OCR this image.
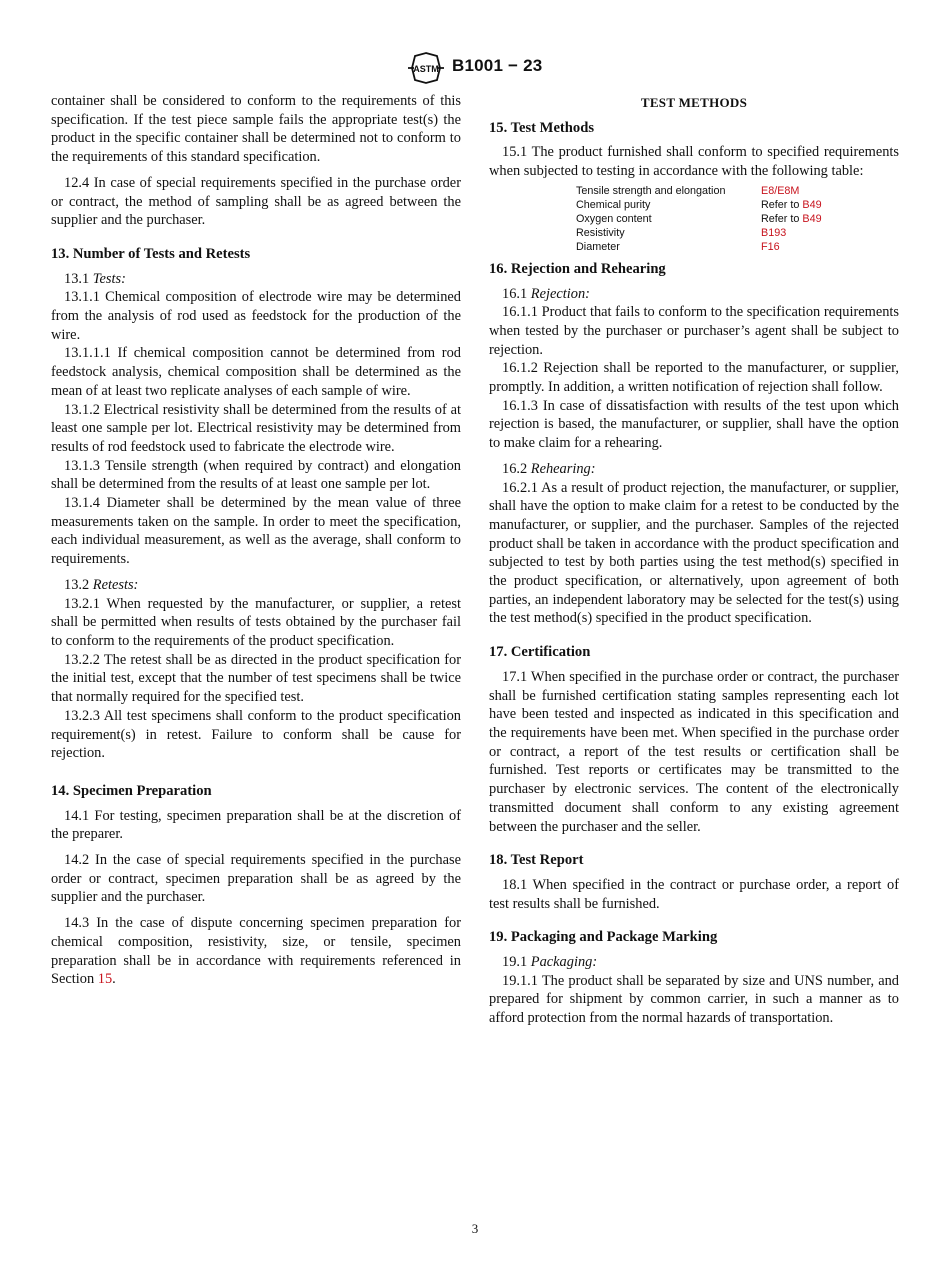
ASTM B1001 − 23

container shall be considered to conform to the requirements of this specification. If the test piece sample fails the appropriate test(s) the product in the specific container shall be determined not to conform to the requirements of this standard specification.

12.4 In case of special requirements specified in the purchase order or contract, the method of sampling shall be as agreed between the supplier and the purchaser.

13. Number of Tests and Retests

13.1 Tests:

13.1.1 Chemical composition of electrode wire may be determined from the analysis of rod used as feedstock for the production of the wire.

13.1.1.1 If chemical composition cannot be determined from rod feedstock analysis, chemical composition shall be determined as the mean of at least two replicate analyses of each sample of wire.

13.1.2 Electrical resistivity shall be determined from the results of at least one sample per lot. Electrical resistivity may be determined from results of rod feedstock used to fabricate the electrode wire.

13.1.3 Tensile strength (when required by contract) and elongation shall be determined from the results of at least one sample per lot.

13.1.4 Diameter shall be determined by the mean value of three measurements taken on the sample. In order to meet the specification, each individual measurement, as well as the average, shall conform to requirements.

13.2 Retests:

13.2.1 When requested by the manufacturer, or supplier, a retest shall be permitted when results of tests obtained by the purchaser fail to conform to the requirements of the product specification.

13.2.2 The retest shall be as directed in the product specification for the initial test, except that the number of test specimens shall be twice that normally required for the specified test.

13.2.3 All test specimens shall conform to the product specification requirement(s) in retest. Failure to conform shall be cause for rejection.

14. Specimen Preparation

14.1 For testing, specimen preparation shall be at the discretion of the preparer.

14.2 In the case of special requirements specified in the purchase order or contract, specimen preparation shall be as agreed by the supplier and the purchaser.

14.3 In the case of dispute concerning specimen preparation for chemical composition, resistivity, size, or tensile, specimen preparation shall be in accordance with requirements referenced in Section 15.

TEST METHODS
15. Test Methods

15.1 The product furnished shall conform to specified requirements when subjected to testing in accordance with the following table:

Tensile strength and elongation	E8/E8M
Chemical purity	Refer to B49
Oxygen content	Refer to B49
Resistivity	B193
Diameter	F16
16. Rejection and Rehearing

16.1 Rejection:

16.1.1 Product that fails to conform to the specification requirements when tested by the purchaser or purchaser’s agent shall be subject to rejection.

16.1.2 Rejection shall be reported to the manufacturer, or supplier, promptly. In addition, a written notification of rejection shall follow.

16.1.3 In case of dissatisfaction with results of the test upon which rejection is based, the manufacturer, or supplier, shall have the option to make claim for a rehearing.

16.2 Rehearing:

16.2.1 As a result of product rejection, the manufacturer, or supplier, shall have the option to make claim for a retest to be conducted by the manufacturer, or supplier, and the purchaser. Samples of the rejected product shall be taken in accordance with the product specification and subjected to test by both parties using the test method(s) specified in the product specification, or alternatively, upon agreement of both parties, an independent laboratory may be selected for the test(s) using the test method(s) specified in the product specification.

17. Certification

17.1 When specified in the purchase order or contract, the purchaser shall be furnished certification stating samples representing each lot have been tested and inspected as indicated in this specification and the requirements have been met. When specified in the purchase order or contract, a report of the test results or certification shall be furnished. Test reports or certificates may be transmitted to the purchaser by electronic services. The content of the electronically transmitted document shall conform to any existing agreement between the purchaser and the seller.

18. Test Report

18.1 When specified in the contract or purchase order, a report of test results shall be furnished.

19. Packaging and Package Marking

19.1 Packaging:

19.1.1 The product shall be separated by size and UNS number, and prepared for shipment by common carrier, in such a manner as to afford protection from the normal hazards of transportation.

3
